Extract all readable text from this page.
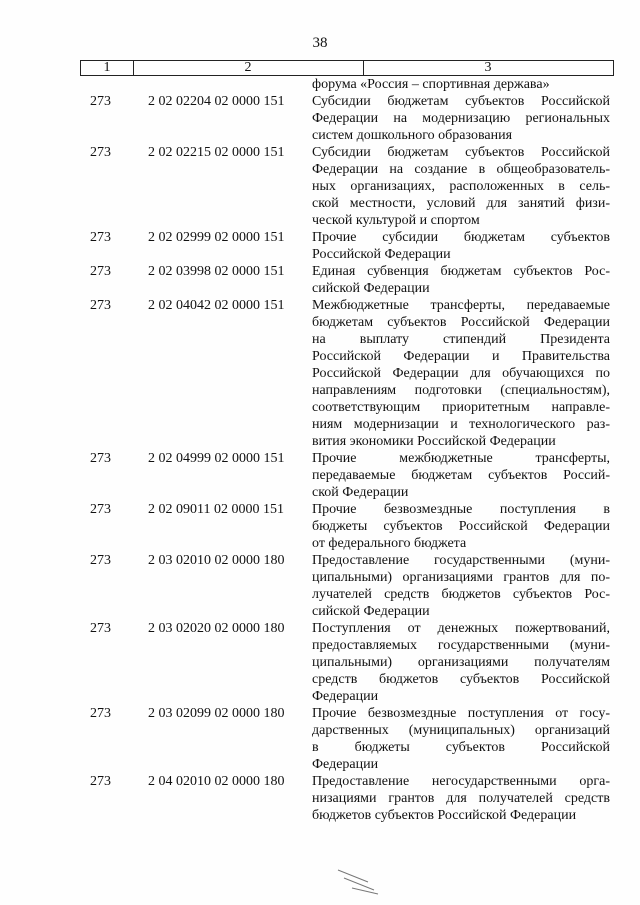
38
1	2	3
форума «Россия – спортивная держава»
273	2 02 02204 02 0000 151	Субсидии бюджетам субъектов Российской
Федерации на модернизацию региональных
систем дошкольного образования
273	2 02 02215 02 0000 151	Субсидии бюджетам субъектов Российской
Федерации на создание в общеобразователь-
ных организациях, расположенных в сель-
ской местности, условий для занятий физи-
ческой культурой и спортом
273	2 02 02999 02 0000 151	Прочие субсидии бюджетам субъектов
Российской Федерации
273	2 02 03998 02 0000 151	Единая субвенция бюджетам субъектов Рос-
сийской Федерации
273	2 02 04042 02 0000 151	Межбюджетные трансферты, передаваемые
бюджетам субъектов Российской Федерации
на выплату стипендий Президента
Российской Федерации и Правительства
Российской Федерации для обучающихся по
направлениям подготовки (специальностям),
соответствующим приоритетным направле-
ниям модернизации и технологического раз-
вития экономики Российской Федерации
273	2 02 04999 02 0000 151	Прочие межбюджетные трансферты,
передаваемые бюджетам субъектов Россий-
ской Федерации
273	2 02 09011 02 0000 151	Прочие безвозмездные поступления в
бюджеты субъектов Российской Федерации
от федерального бюджета
273	2 03 02010 02 0000 180	Предоставление государственными (муни-
ципальными) организациями грантов для по-
лучателей средств бюджетов субъектов Рос-
сийской Федерации
273	2 03 02020 02 0000 180	Поступления от денежных пожертвований,
предоставляемых государственными (муни-
ципальными) организациями получателям
средств бюджетов субъектов Российской
Федерации
273	2 03 02099 02 0000 180	Прочие безвозмездные поступления от госу-
дарственных (муниципальных) организаций
в бюджеты субъектов Российской
Федерации
273	2 04 02010 02 0000 180	Предоставление негосударственными орга-
низациями грантов для получателей средств
бюджетов субъектов Российской Федерации
